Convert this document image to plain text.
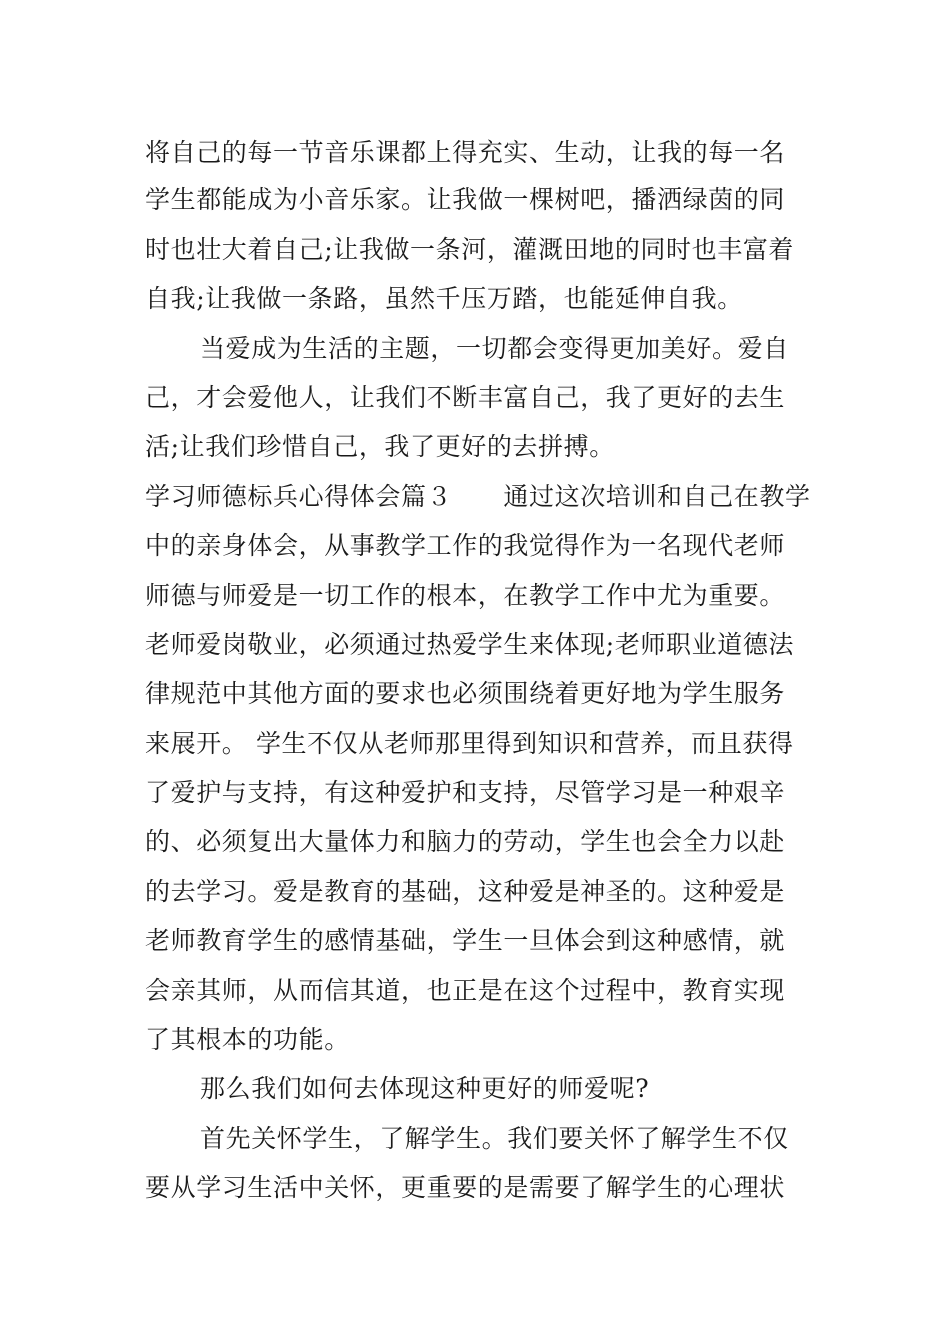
将自己的每一节音乐课都上得充实、生动，让我的每一名
学生都能成为小音乐家。让我做一棵树吧，播洒绿茵的同
时也壮大着自己;让我做一条河，灌溉田地的同时也丰富着
自我;让我做一条路，虽然千压万踏，也能延伸自我。
当爱成为生活的主题，一切都会变得更加美好。爱自
己，才会爱他人，让我们不断丰富自己，我了更好的去生
活;让我们珍惜自己，我了更好的去拼搏。
学习师德标兵心得体会篇３　　通过这次培训和自己在教学
中的亲身体会，从事教学工作的我觉得作为一名现代老师
师德与师爱是一切工作的根本，在教学工作中尤为重要。
老师爱岗敬业，必须通过热爱学生来体现;老师职业道德法
律规范中其他方面的要求也必须围绕着更好地为学生服务
来展开。 学生不仅从老师那里得到知识和营养，而且获得
了爱护与支持，有这种爱护和支持，尽管学习是一种艰辛
的、必须复出大量体力和脑力的劳动，学生也会全力以赴
的去学习。爱是教育的基础，这种爱是神圣的。这种爱是
老师教育学生的感情基础，学生一旦体会到这种感情，就
会亲其师，从而信其道，也正是在这个过程中，教育实现
了其根本的功能。
那么我们如何去体现这种更好的师爱呢?
首先关怀学生，了解学生。我们要关怀了解学生不仅
要从学习生活中关怀，更重要的是需要了解学生的心理状
